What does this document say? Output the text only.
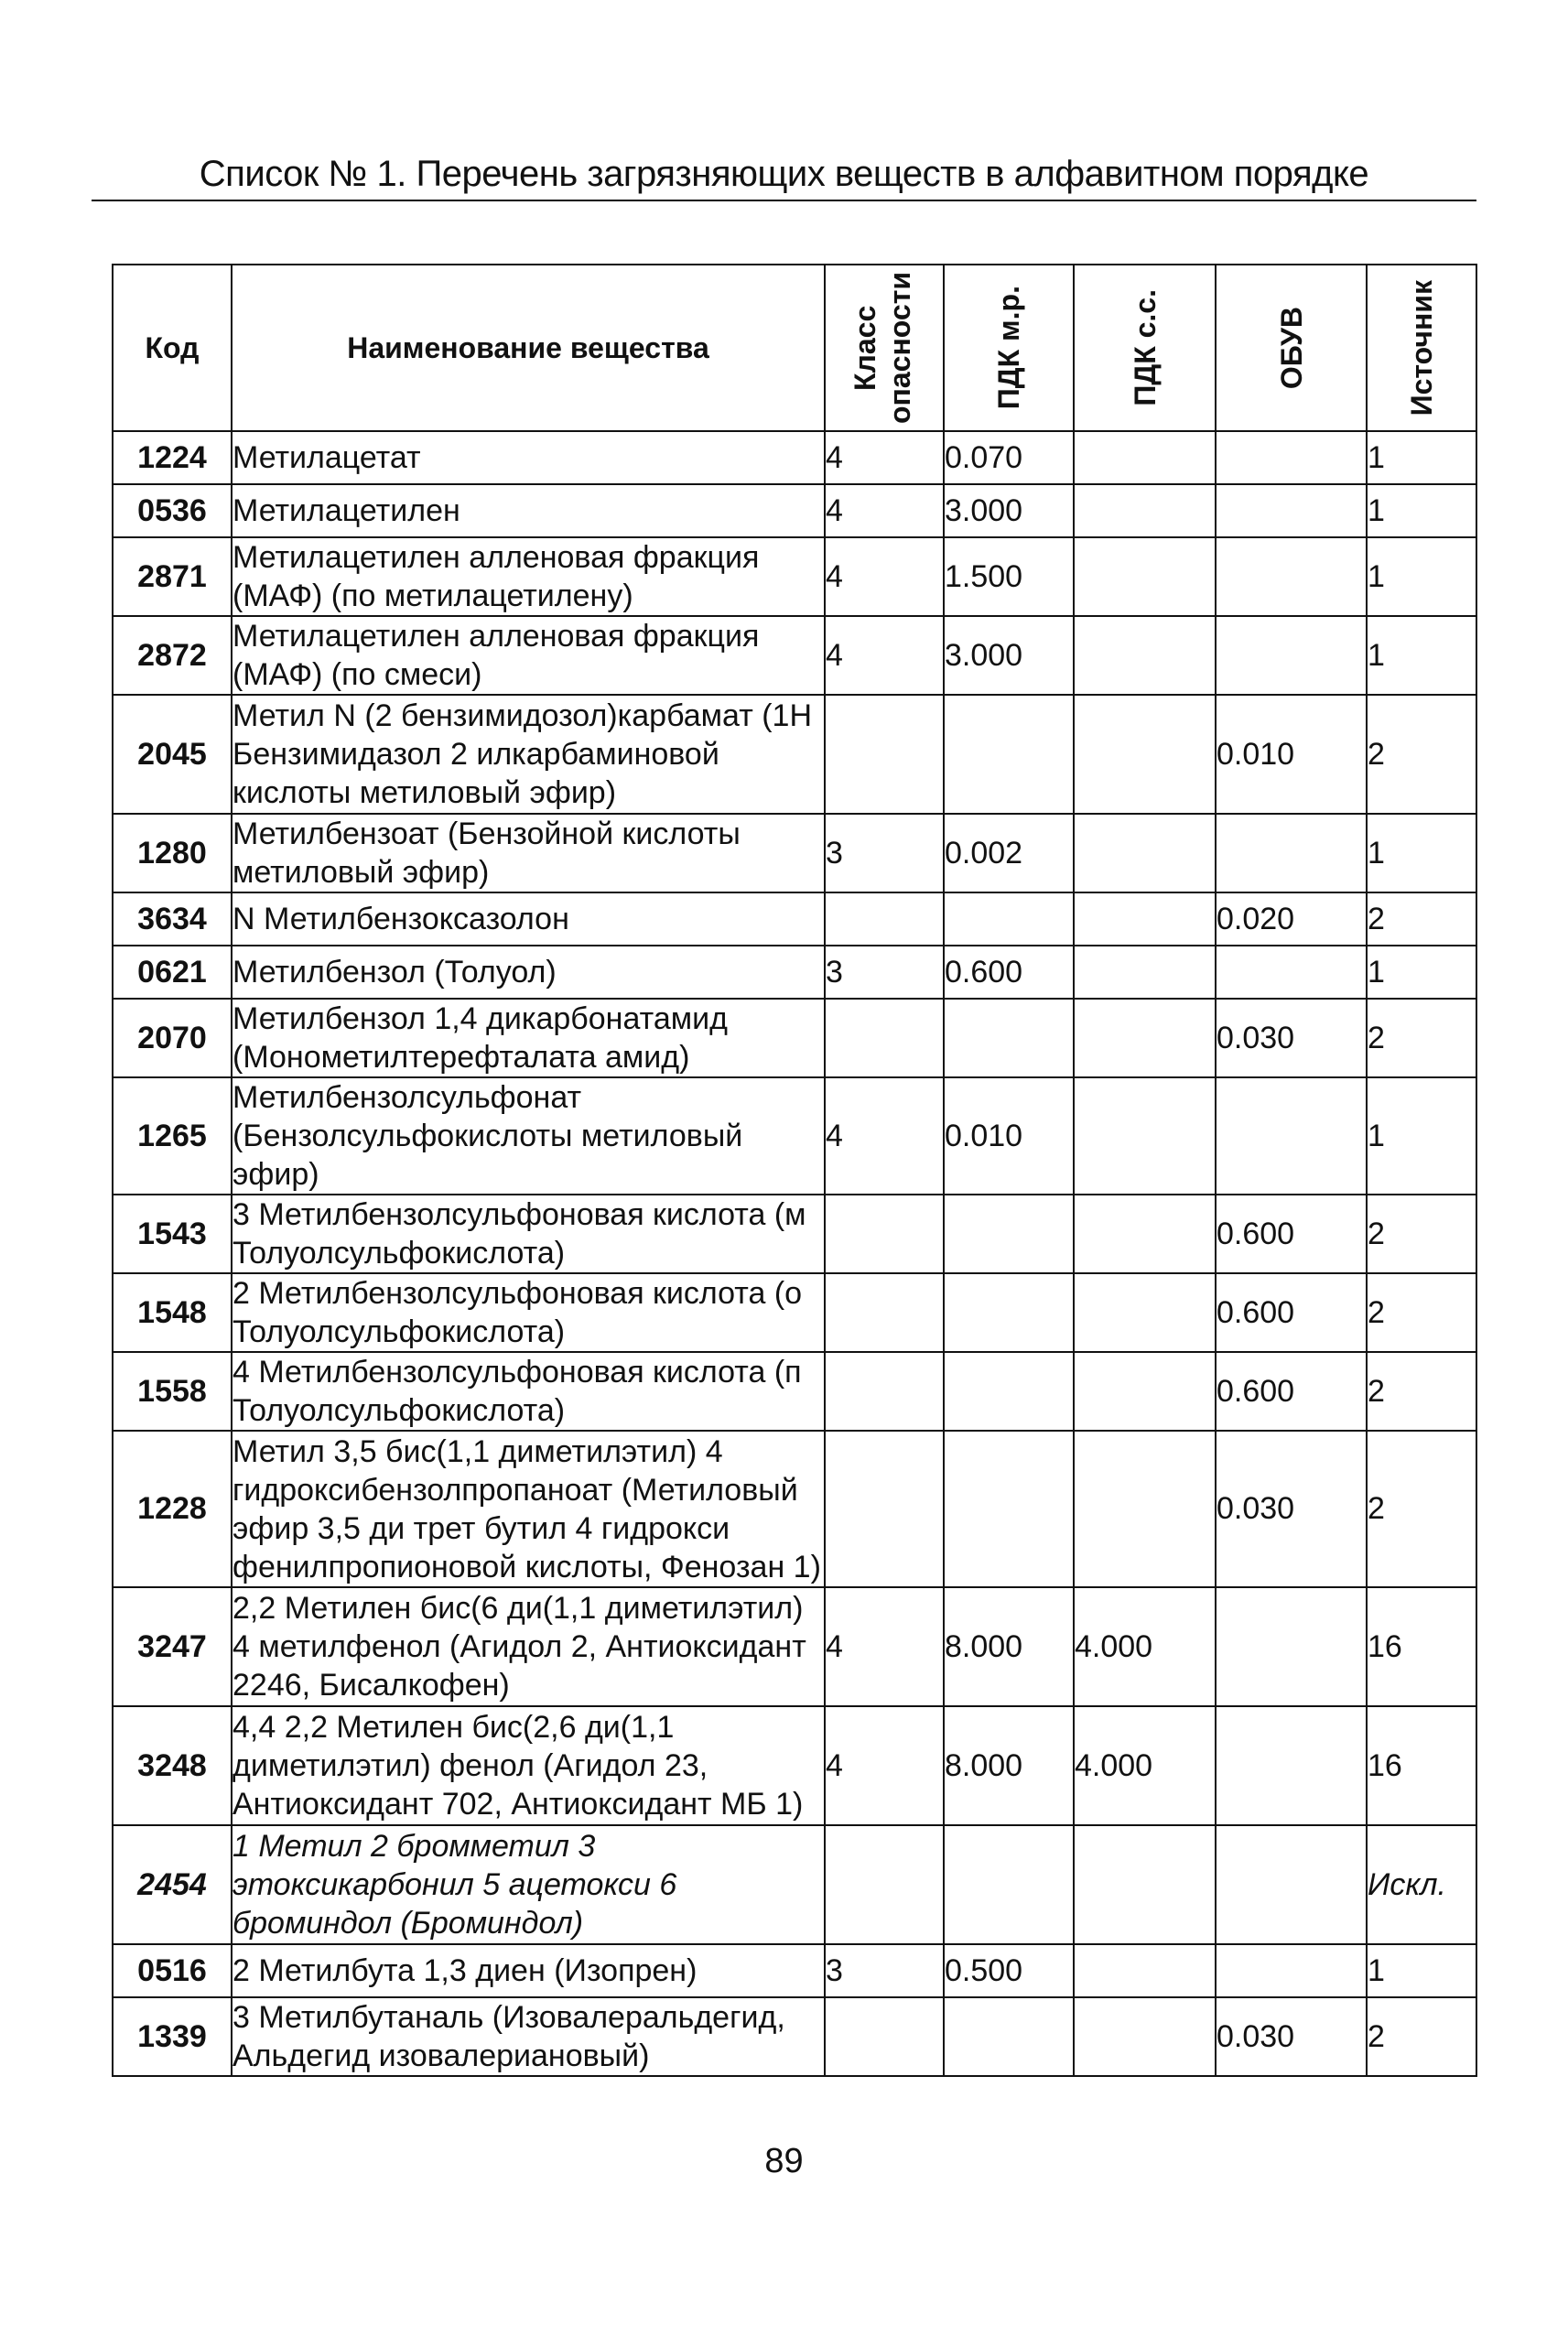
Список № 1. Перечень загрязняющих веществ в алфавитном порядке
Код	Наименование вещества	Класс опасности	ПДК м.р.	ПДК с.с.	ОБУВ	Источник

1224	Метилацетат	4	0.070			1
0536	Метилацетилен	4	3.000			1
2871	Метилацетилен алленовая фракция (МАФ) (по метилацетилену)	4	1.500			1
2872	Метилацетилен алленовая фракция (МАФ) (по смеси)	4	3.000			1
2045	Метил N (2 бензимидозол)карбамат (1Н Бензимидазол 2 илкарбаминовой кислоты метиловый эфир)				0.010	2
1280	Метилбензоат (Бензойной кислоты метиловый эфир)	3	0.002			1
3634	N Метилбензоксазолон				0.020	2
0621	Метилбензол (Толуол)	3	0.600			1
2070	Метилбензол 1,4 дикарбонатамид (Монометилтерефталата амид)				0.030	2
1265	Метилбензолсульфонат (Бензолсульфокислоты метиловый эфир)	4	0.010			1
1543	3 Метилбензолсульфоновая кислота (м Толуолсульфокислота)				0.600	2
1548	2 Метилбензолсульфоновая кислота (о Толуолсульфокислота)				0.600	2
1558	4 Метилбензолсульфоновая кислота (п Толуолсульфокислота)				0.600	2
1228	Метил 3,5 бис(1,1 диметилэтил) 4 гидроксибензолпропаноат (Метиловый эфир 3,5 ди трет бутил 4 гидрокси фенилпропионовой кислоты, Фенозан 1)				0.030	2
3247	2,2 Метилен бис(6 ди(1,1 диметилэтил) 4 метилфенол (Агидол 2, Антиоксидант 2246, Бисалкофен)	4	8.000	4.000		16
3248	4,4 2,2 Метилен бис(2,6 ди(1,1 диметилэтил) фенол (Агидол 23, Антиоксидант 702, Антиоксидант МБ 1)	4	8.000	4.000		16
2454	1 Метил 2 бромметил 3 этоксикарбонил 5 ацетокси 6 броминдол (Броминдол)					Искл.
0516	2 Метилбута 1,3 диен (Изопрен)	3	0.500			1
1339	3 Метилбутаналь (Изовалеральдегид, Альдегид изовалериановый)				0.030	2
89
